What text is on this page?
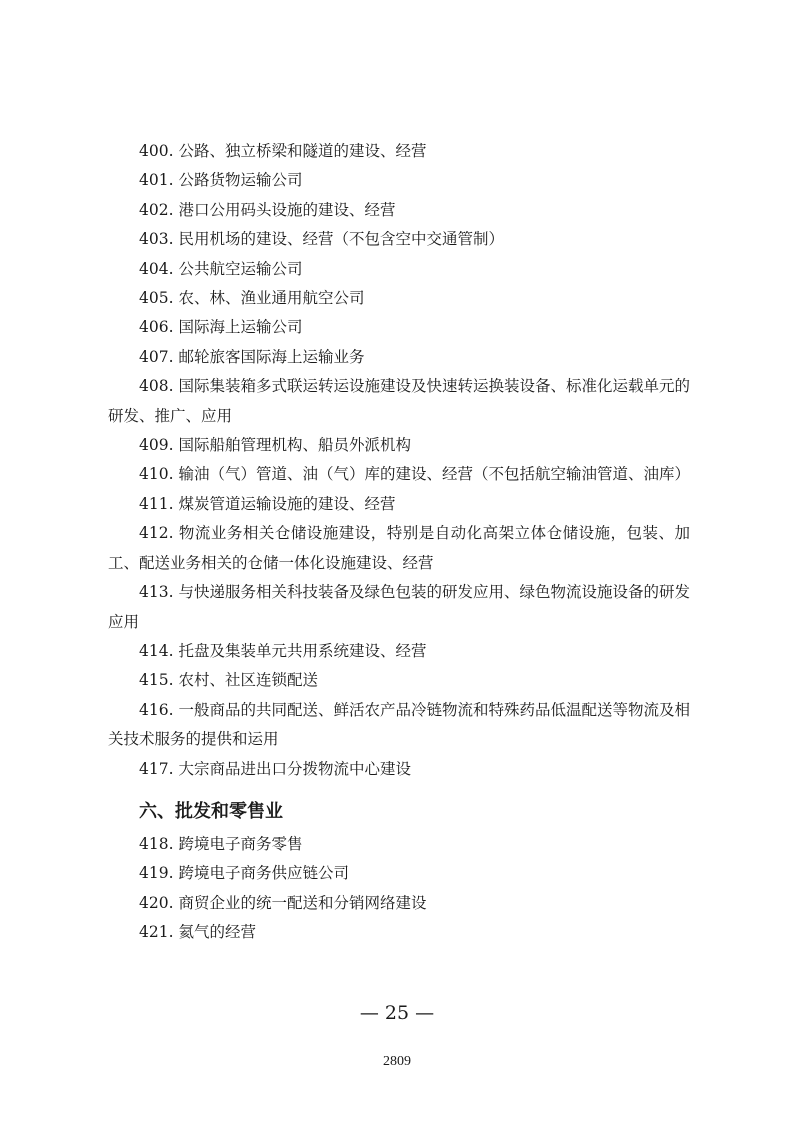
400. 公路、独立桥梁和隧道的建设、经营
401. 公路货物运输公司
402. 港口公用码头设施的建设、经营
403. 民用机场的建设、经营（不包含空中交通管制）
404. 公共航空运输公司
405. 农、林、渔业通用航空公司
406. 国际海上运输公司
407. 邮轮旅客国际海上运输业务
408. 国际集装箱多式联运转运设施建设及快速转运换装设备、标准化运载单元的研发、推广、应用
409. 国际船舶管理机构、船员外派机构
410. 输油（气）管道、油（气）库的建设、经营（不包括航空输油管道、油库）
411. 煤炭管道运输设施的建设、经营
412. 物流业务相关仓储设施建设，特别是自动化高架立体仓储设施，包装、加工、配送业务相关的仓储一体化设施建设、经营
413. 与快递服务相关科技装备及绿色包装的研发应用、绿色物流设施设备的研发应用
414. 托盘及集装单元共用系统建设、经营
415. 农村、社区连锁配送
416. 一般商品的共同配送、鲜活农产品冷链物流和特殊药品低温配送等物流及相关技术服务的提供和运用
417. 大宗商品进出口分拨物流中心建设
六、批发和零售业
418. 跨境电子商务零售
419. 跨境电子商务供应链公司
420. 商贸企业的统一配送和分销网络建设
421. 氦气的经营
— 25 —
2809
